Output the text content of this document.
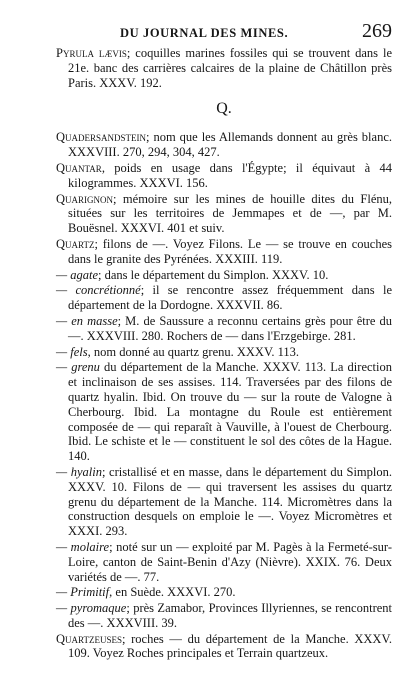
DU JOURNAL DES MINES.	269

Pyrula lævis; coquilles marines fossiles qui se trouvent dans le 21e. banc des carrières calcaires de la plaine de Châtillon près Paris. XXXV. 192.

Q.

Quadersandstein; nom que les Allemands donnent au grès blanc. XXXVIII. 270, 294, 304, 427.

Quantar, poids en usage dans l'Égypte; il équivaut à 44 kilogrammes. XXXVI. 156.

Quarignon; mémoire sur les mines de houille dites du Flénu, situées sur les territoires de Jemmapes et de —, par M. Bouësnel. XXXVI. 401 et suiv.

Quartz; filons de —. Voyez Filons. Le — se trouve en couches dans le granite des Pyrénées. XXXIII. 119.

— agate; dans le département du Simplon. XXXV. 10.

— concrétionné; il se rencontre assez fréquemment dans le département de la Dordogne. XXXVII. 86.

— en masse; M. de Saussure a reconnu certains grès pour être du —. XXXVIII. 280. Rochers de — dans l'Erzgebirge. 281.

— fels, nom donné au quartz grenu. XXXV. 113.

— grenu du département de la Manche. XXXV. 113. La direction et inclinaison de ses assises. 114. Traversées par des filons de quartz hyalin. Ibid. On trouve du — sur la route de Valogne à Cherbourg. Ibid. La montagne du Roule est entièrement composée de — qui reparaît à Vauville, à l'ouest de Cherbourg. Ibid. Le schiste et le — constituent le sol des côtes de la Hague. 140.

— hyalin; cristallisé et en masse, dans le département du Simplon. XXXV. 10. Filons de — qui traversent les assises du quartz grenu du département de la Manche. 114. Micromètres dans la construction desquels on emploie le —. Voyez Micromètres et XXXI. 293.

— molaire; noté sur un — exploité par M. Pagès à la Fermeté-sur-Loire, canton de Saint-Benin d'Azy (Nièvre). XXIX. 76. Deux variétés de —. 77.

— Primitif, en Suède. XXXVI. 270.

— pyromaque; près Zamabor, Provinces Illyriennes, se rencontrent des —. XXXVIII. 39.

Quartzeuses; roches — du département de la Manche. XXXV. 109. Voyez Roches principales et Terrain quartzeux.
